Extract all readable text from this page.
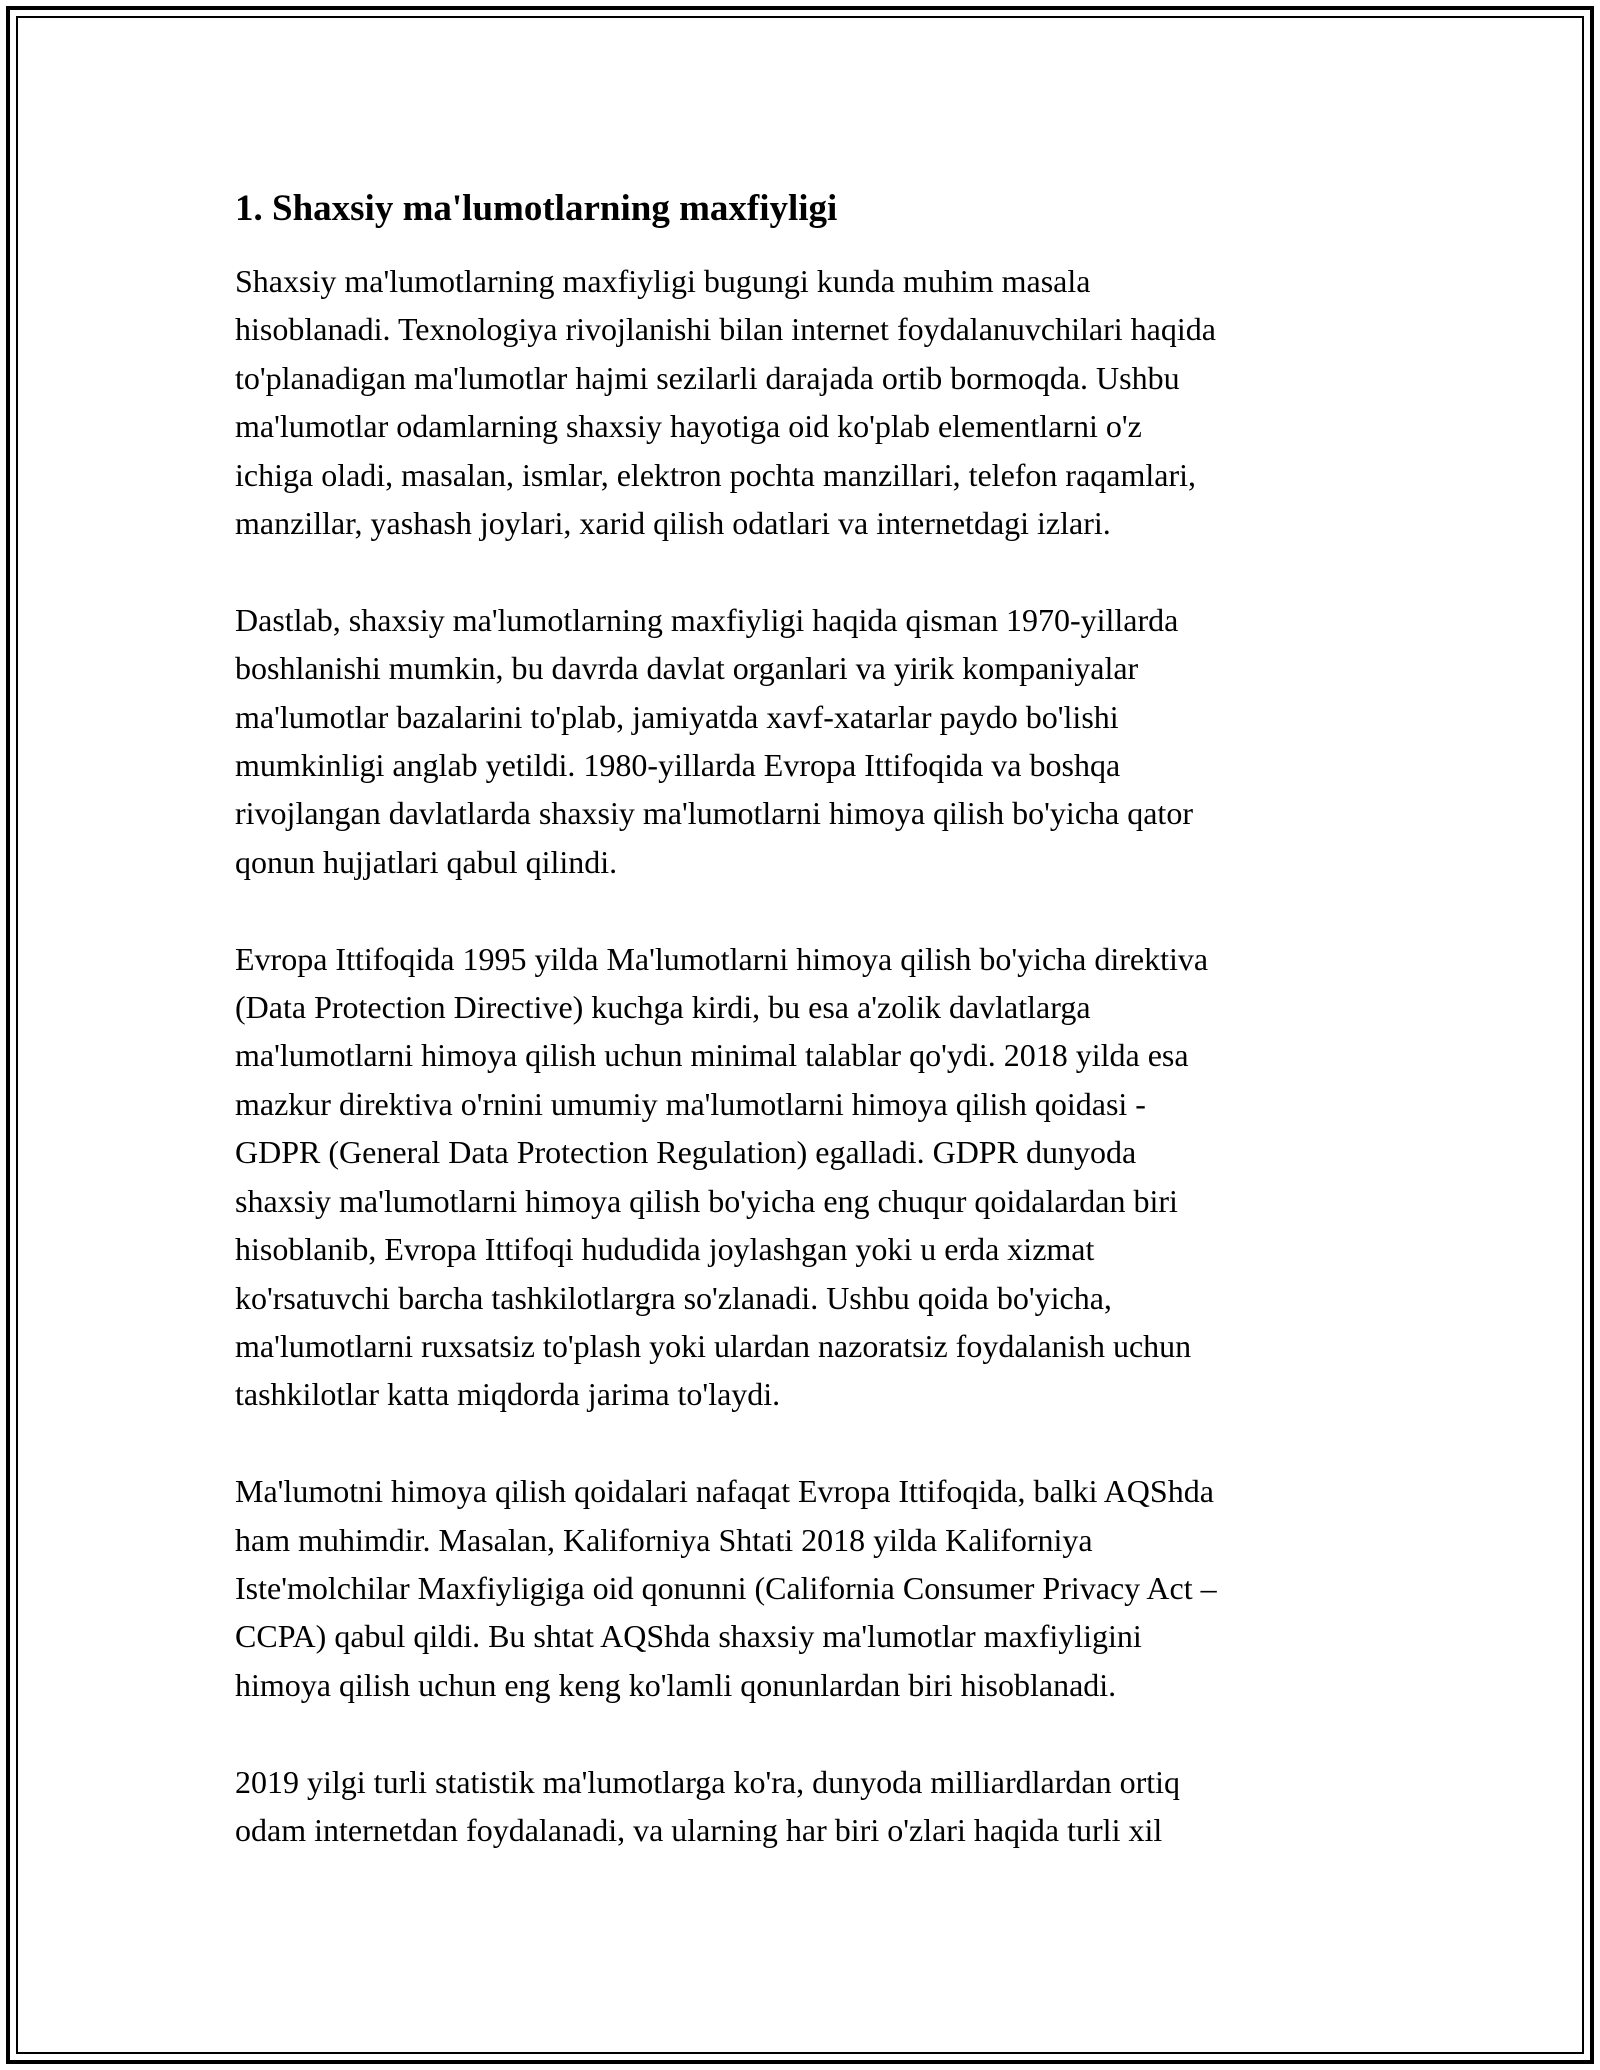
1. Shaxsiy ma'lumotlarning maxfiyligi

Shaxsiy ma'lumotlarning maxfiyligi bugungi kunda muhim masala
hisoblanadi. Texnologiya rivojlanishi bilan internet foydalanuvchilari haqida
to'planadigan ma'lumotlar hajmi sezilarli darajada ortib bormoqda. Ushbu
ma'lumotlar odamlarning shaxsiy hayotiga oid ko'plab elementlarni o'z
ichiga oladi, masalan, ismlar, elektron pochta manzillari, telefon raqamlari,
manzillar, yashash joylari, xarid qilish odatlari va internetdagi izlari.

Dastlab, shaxsiy ma'lumotlarning maxfiyligi haqida qisman 1970-yillarda
boshlanishi mumkin, bu davrda davlat organlari va yirik kompaniyalar
ma'lumotlar bazalarini to'plab, jamiyatda xavf-xatarlar paydo bo'lishi
mumkinligi anglab yetildi. 1980-yillarda Evropa Ittifoqida va boshqa
rivojlangan davlatlarda shaxsiy ma'lumotlarni himoya qilish bo'yicha qator
qonun hujjatlari qabul qilindi.

Evropa Ittifoqida 1995 yilda Ma'lumotlarni himoya qilish bo'yicha direktiva
(Data Protection Directive) kuchga kirdi, bu esa a'zolik davlatlarga
ma'lumotlarni himoya qilish uchun minimal talablar qo'ydi. 2018 yilda esa
mazkur direktiva o'rnini umumiy ma'lumotlarni himoya qilish qoidasi -
GDPR (General Data Protection Regulation) egalladi. GDPR dunyoda
shaxsiy ma'lumotlarni himoya qilish bo'yicha eng chuqur qoidalardan biri
hisoblanib, Evropa Ittifoqi hududida joylashgan yoki u erda xizmat
ko'rsatuvchi barcha tashkilotlargra so'zlanadi. Ushbu qoida bo'yicha,
ma'lumotlarni ruxsatsiz to'plash yoki ulardan nazoratsiz foydalanish uchun
tashkilotlar katta miqdorda jarima to'laydi.

Ma'lumotni himoya qilish qoidalari nafaqat Evropa Ittifoqida, balki AQShda
ham muhimdir. Masalan, Kaliforniya Shtati 2018 yilda Kaliforniya
Iste'molchilar Maxfiyligiga oid qonunni (California Consumer Privacy Act –
CCPA) qabul qildi. Bu shtat AQShda shaxsiy ma'lumotlar maxfiyligini
himoya qilish uchun eng keng ko'lamli qonunlardan biri hisoblanadi.

2019 yilgi turli statistik ma'lumotlarga ko'ra, dunyoda milliardlardan ortiq
odam internetdan foydalanadi, va ularning har biri o'zlari haqida turli xil
